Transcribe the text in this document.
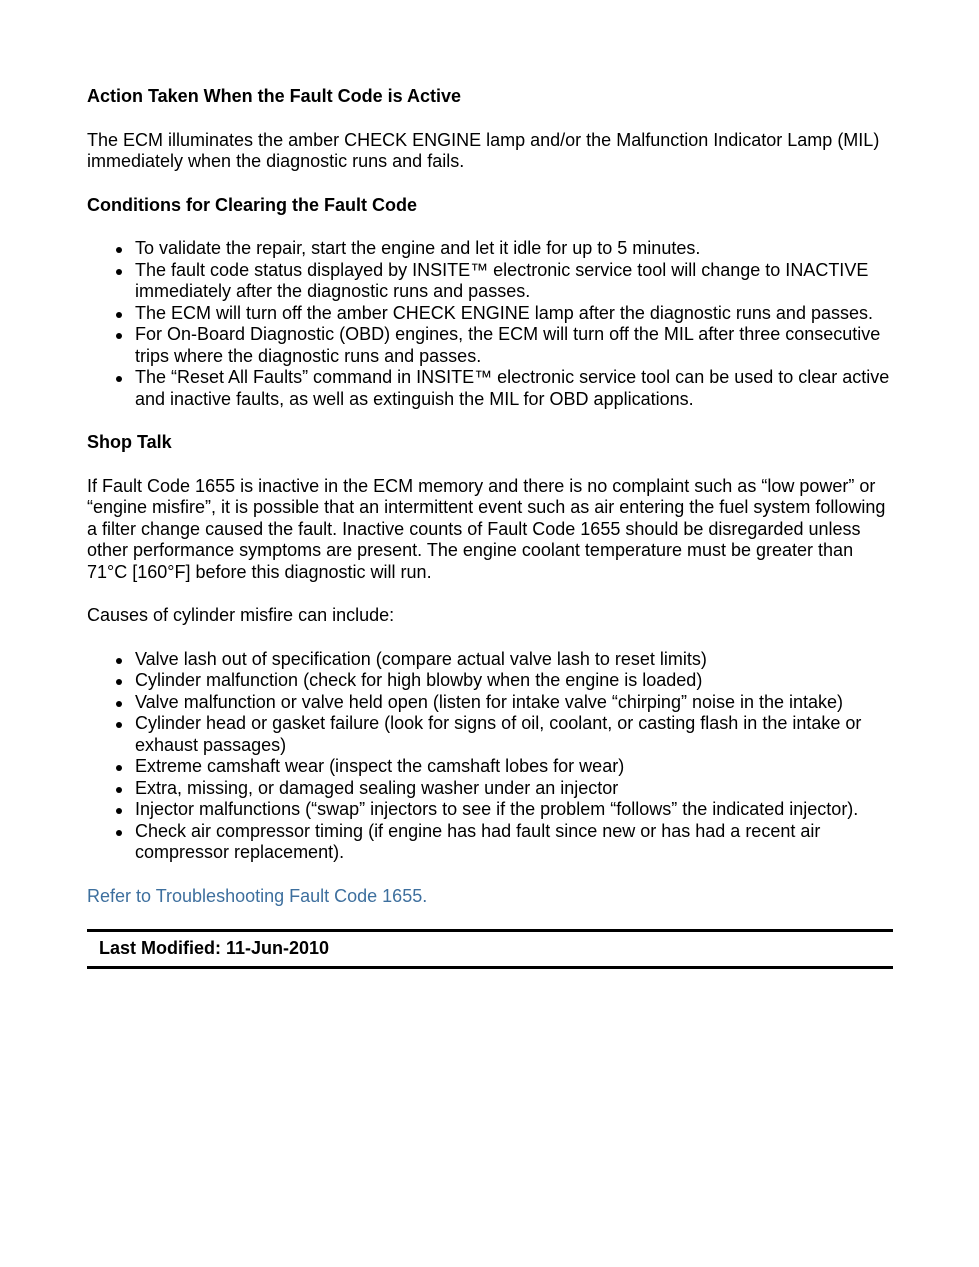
Action Taken When the Fault Code is Active
The ECM illuminates the amber CHECK ENGINE lamp and/or the Malfunction Indicator Lamp (MIL) immediately when the diagnostic runs and fails.
Conditions for Clearing the Fault Code
To validate the repair, start the engine and let it idle for up to 5 minutes.
The fault code status displayed by INSITE™ electronic service tool will change to INACTIVE immediately after the diagnostic runs and passes.
The ECM will turn off the amber CHECK ENGINE lamp after the diagnostic runs and passes.
For On-Board Diagnostic (OBD) engines, the ECM will turn off the MIL after three consecutive trips where the diagnostic runs and passes.
The “Reset All Faults” command in INSITE™ electronic service tool can be used to clear active and inactive faults, as well as extinguish the MIL for OBD applications.
Shop Talk
If Fault Code 1655 is inactive in the ECM memory and there is no complaint such as “low power” or “engine misfire”, it is possible that an intermittent event such as air entering the fuel system following a filter change caused the fault. Inactive counts of Fault Code 1655 should be disregarded unless other performance symptoms are present. The engine coolant temperature must be greater than 71°C [160°F] before this diagnostic will run.
Causes of cylinder misfire can include:
Valve lash out of specification (compare actual valve lash to reset limits)
Cylinder malfunction (check for high blowby when the engine is loaded)
Valve malfunction or valve held open (listen for intake valve “chirping” noise in the intake)
Cylinder head or gasket failure (look for signs of oil, coolant, or casting flash in the intake or exhaust passages)
Extreme camshaft wear (inspect the camshaft lobes for wear)
Extra, missing, or damaged sealing washer under an injector
Injector malfunctions (“swap” injectors to see if the problem “follows” the indicated injector).
Check air compressor timing (if engine has had fault since new or has had a recent air compressor replacement).
Refer to Troubleshooting Fault Code 1655.
Last Modified: 11-Jun-2010
